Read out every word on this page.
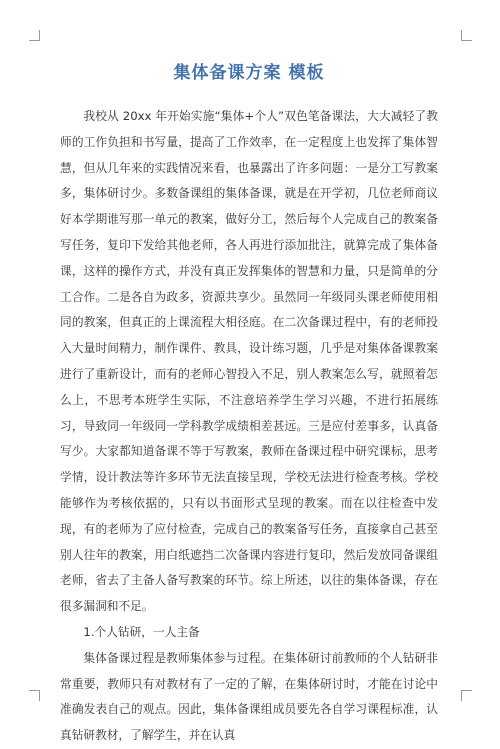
集体备课方案 模板

我校从 20xx 年开始实施“集体+个人”双色笔备课法，大大减轻了教师的工作负担和书写量，提高了工作效率，在一定程度上也发挥了集体智慧，但从几年来的实践情况来看，也暴露出了许多问题：一是分工写教案多，集体研讨少。多数备课组的集体备课，就是在开学初，几位老师商议好本学期谁写那一单元的教案，做好分工，然后每个人完成自己的教案备写任务，复印下发给其他老师，各人再进行添加批注，就算完成了集体备课，这样的操作方式，并没有真正发挥集体的智慧和力量，只是简单的分工合作。二是各自为政多，资源共享少。虽然同一年级同头课老师使用相同的教案，但真正的上课流程大相径庭。在二次备课过程中，有的老师投入大量时间精力，制作课件、教具，设计练习题，几乎是对集体备课教案进行了重新设计，而有的老师心智投入不足，别人教案怎么写，就照着怎么上，不思考本班学生实际，不注意培养学生学习兴趣，不进行拓展练习，导致同一年级同一学科教学成绩相差甚远。三是应付差事多，认真备写少。大家都知道备课不等于写教案，教师在备课过程中研究课标，思考学情，设计教法等许多环节无法直接呈现，学校无法进行检查考核。学校能够作为考核依据的，只有以书面形式呈现的教案。而在以往检查中发现，有的老师为了应付检查，完成自己的教案备写任务，直接拿自己甚至别人往年的教案，用白纸遮挡二次备课内容进行复印，然后发放同备课组老师，省去了主备人备写教案的环节。综上所述，以往的集体备课，存在很多漏洞和不足。

1.个人钻研，一人主备

集体备课过程是教师集体参与过程。在集体研讨前教师的个人钻研非常重要，教师只有对教材有了一定的了解，在集体研讨时，才能在讨论中准确发表自己的观点。因此，集体备课组成员要先各自学习课程标准，认真钻研教材，了解学生，并在认真
